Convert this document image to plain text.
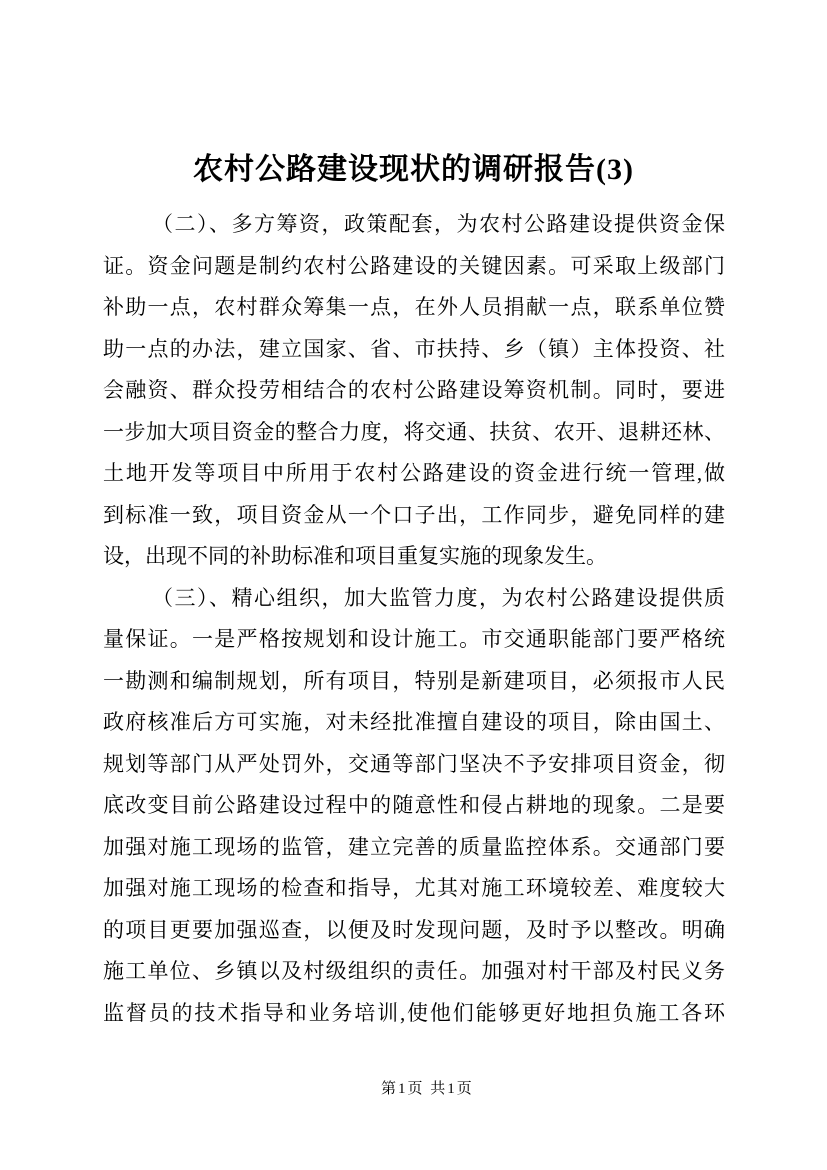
农村公路建设现状的调研报告(3)
（二）、多方筹资，政策配套，为农村公路建设提供资金保
证。资金问题是制约农村公路建设的关键因素。可采取上级部门
补助一点，农村群众筹集一点，在外人员捐献一点，联系单位赞
助一点的办法，建立国家、省、市扶持、乡（镇）主体投资、社
会融资、群众投劳相结合的农村公路建设筹资机制。同时，要进
一步加大项目资金的整合力度，将交通、扶贫、农开、退耕还林、
土地开发等项目中所用于农村公路建设的资金进行统一管理,做
到标准一致，项目资金从一个口子出，工作同步，避免同样的建
设，出现不同的补助标准和项目重复实施的现象发生。
（三）、精心组织，加大监管力度，为农村公路建设提供质
量保证。一是严格按规划和设计施工。市交通职能部门要严格统
一勘测和编制规划，所有项目，特别是新建项目，必须报市人民
政府核准后方可实施，对未经批准擅自建设的项目，除由国土、
规划等部门从严处罚外，交通等部门坚决不予安排项目资金，彻
底改变目前公路建设过程中的随意性和侵占耕地的现象。二是要
加强对施工现场的监管，建立完善的质量监控体系。交通部门要
加强对施工现场的检查和指导，尤其对施工环境较差、难度较大
的项目更要加强巡查，以便及时发现问题，及时予以整改。明确
施工单位、乡镇以及村级组织的责任。加强对村干部及村民义务
监督员的技术指导和业务培训,使他们能够更好地担负施工各环
第1页 共1页
